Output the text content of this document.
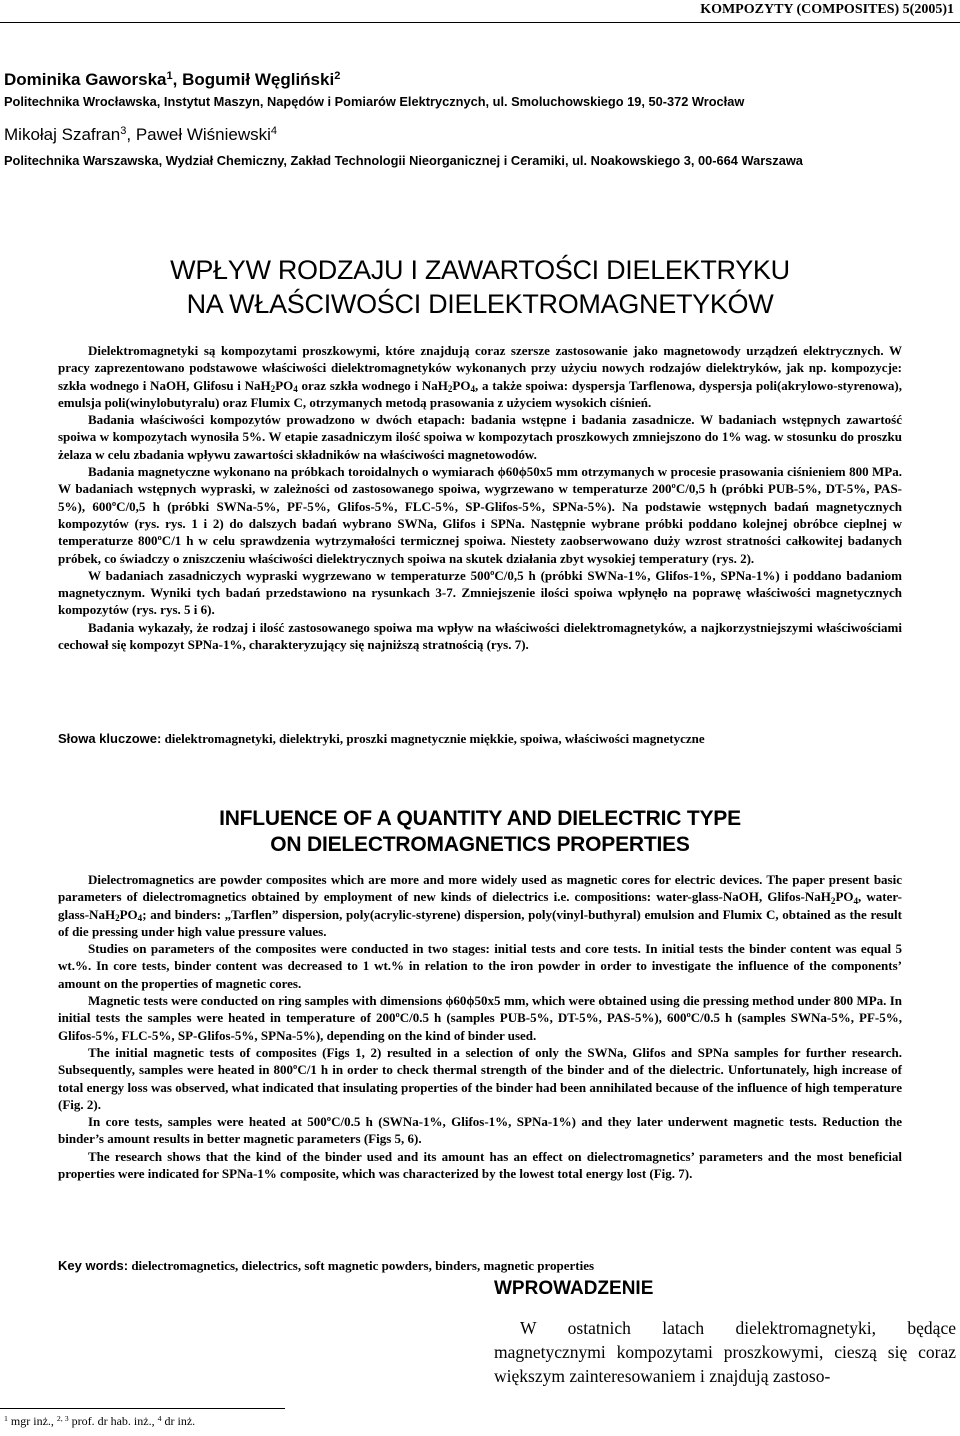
KOMPOZYTY (COMPOSITES) 5(2005)1
Dominika Gaworska$^1$, Bogumił Węgliński$^2$
Politechnika Wrocławska, Instytut Maszyn, Napędów i Pomiarów Elektrycznych, ul. Smoluchowskiego 19, 50-372 Wrocław
Mikołaj Szafran$^3$, Paweł Wiśniewski$^4$
Politechnika Warszawska, Wydział Chemiczny, Zakład Technologii Nieorganicznej i Ceramiki, ul. Noakowskiego 3, 00-664 Warszawa
WPŁYW RODZAJU I ZAWARTOŚCI DIELEKTRYKU
NA WŁAŚCIWOŚCI DIELEKTROMAGNETYKÓW

Dielektromagnetyki są kompozytami proszkowymi, które znajdują coraz szersze zastosowanie jako magnetowody urządzeń elektrycznych. W pracy zaprezentowano podstawowe właściwości dielektromagnetyków wykonanych przy użyciu nowych rodzajów dielektryków, jak np. kompozycje: szkła wodnego i NaOH, Glifosu i $NaH_2PO_4$ oraz szkła wodnego i $NaH_2PO_4$, a także spoiwa: dyspersja Tarflenowa, dyspersja poli(akrylowo-styrenowa), emulsja poli(winylobutyralu) oraz Flumix C, otrzymanych metodą prasowania z użyciem wysokich ciśnień.

Badania właściwości kompozytów prowadzono w dwóch etapach: badania wstępne i badania zasadnicze. W badaniach wstępnych zawartość spoiwa w kompozytach wynosiła 5%. W etapie zasadniczym ilość spoiwa w kompozytach proszkowych zmniejszono do 1% wag. w stosunku do proszku żelaza w celu zbadania wpływu zawartości składników na właściwości magnetowodów.

Badania magnetyczne wykonano na próbkach toroidalnych o wymiarach ϕ60ϕ50x5 mm otrzymanych w procesie prasowania ciśnieniem 800 MPa. W badaniach wstępnych wypraski, w zależności od zastosowanego spoiwa, wygrzewano w temperaturze 200ºC/0,5 h (próbki PUB-5%, DT-5%, PAS-5%), 600ºC/0,5 h (próbki SWNa-5%, PF-5%, Glifos-5%, FLC-5%, SP-Glifos-5%, SPNa-5%). Na podstawie wstępnych badań magnetycznych kompozytów (rys. rys. 1 i 2) do dalszych badań wybrano SWNa, Glifos i SPNa. Następnie wybrane próbki poddano kolejnej obróbce cieplnej w temperaturze 800ºC/1 h w celu sprawdzenia wytrzymałości termicznej spoiwa. Niestety zaobserwowano duży wzrost stratności całkowitej badanych próbek, co świadczy o zniszczeniu właściwości dielektrycznych spoiwa na skutek działania zbyt wysokiej temperatury (rys. 2).

W badaniach zasadniczych wypraski wygrzewano w temperaturze 500ºC/0,5 h (próbki SWNa-1%, Glifos-1%, SPNa-1%) i poddano badaniom magnetycznym. Wyniki tych badań przedstawiono na rysunkach 3-7. Zmniejszenie ilości spoiwa wpłynęło na poprawę właściwości magnetycznych kompozytów (rys. rys. 5 i 6).

Badania wykazały, że rodzaj i ilość zastosowanego spoiwa ma wpływ na właściwości dielektromagnetyków, a najkorzystniejszymi właściwościami cechował się kompozyt SPNa-1%, charakteryzujący się najniższą stratnością (rys. 7).

Słowa kluczowe: dielektromagnetyki, dielektryki, proszki magnetycznie miękkie, spoiwa, właściwości magnetyczne
INFLUENCE OF A QUANTITY AND DIELECTRIC TYPE
ON DIELECTROMAGNETICS PROPERTIES

Dielectromagnetics are powder composites which are more and more widely used as magnetic cores for electric devices. The paper present basic parameters of dielectromagnetics obtained by employment of new kinds of dielectrics i.e. compositions: water-glass-NaOH, Glifos-$NaH_2PO_4$, water-$glass-NaH_2PO_4$; and binders: „Tarflen” dispersion, poly(acrylic-styrene) dispersion, poly(vinyl-buthyral) emulsion and Flumix C, obtained as the result of die pressing under high value pressure values.

Studies on parameters of the composites were conducted in two stages: initial tests and core tests. In initial tests the binder content was equal 5 wt.%. In core tests, binder content was decreased to 1 wt.% in relation to the iron powder in order to investigate the influence of the components’ amount on the properties of magnetic cores.

Magnetic tests were conducted on ring samples with dimensions ϕ60ϕ50x5 mm, which were obtained using die pressing method under 800 MPa. In initial tests the samples were heated in temperature of 200ºC/0.5 h (samples PUB-5%, DT-5%, PAS-5%), 600ºC/0.5 h (samples SWNa-5%, PF-5%, Glifos-5%, FLC-5%, SP-Glifos-5%, SPNa-5%), depending on the kind of binder used.

The initial magnetic tests of composites (Figs 1, 2) resulted in a selection of only the SWNa, Glifos and SPNa samples for further research. Subsequently, samples were heated in 800ºC/1 h in order to check thermal strength of the binder and of the dielectric. Unfortunately, high increase of total energy loss was observed, what indicated that insulating properties of the binder had been annihilated because of the influence of high temperature (Fig. 2).

In core tests, samples were heated at 500ºC/0.5 h (SWNa-1%, Glifos-1%, SPNa-1%) and they later underwent magnetic tests. Reduction the binder’s amount results in better magnetic parameters (Figs 5, 6).

The research shows that the kind of the binder used and its amount has an effect on dielectromagnetics’ parameters and the most beneficial properties were indicated for SPNa-1% composite, which was characterized by the lowest total energy lost (Fig. 7).

Key words: dielectromagnetics, dielectrics, soft magnetic powders, binders, magnetic properties
WPROWADZENIE

W ostatnich latach dielektromagnetyki, będące magnetycznymi kompozytami proszkowymi, cieszą się coraz większym zainteresowaniem i znajdują zastoso-

$^1$ mgr inż., $^{2, 3}$ prof. dr hab. inż., $^4$ dr inż.
